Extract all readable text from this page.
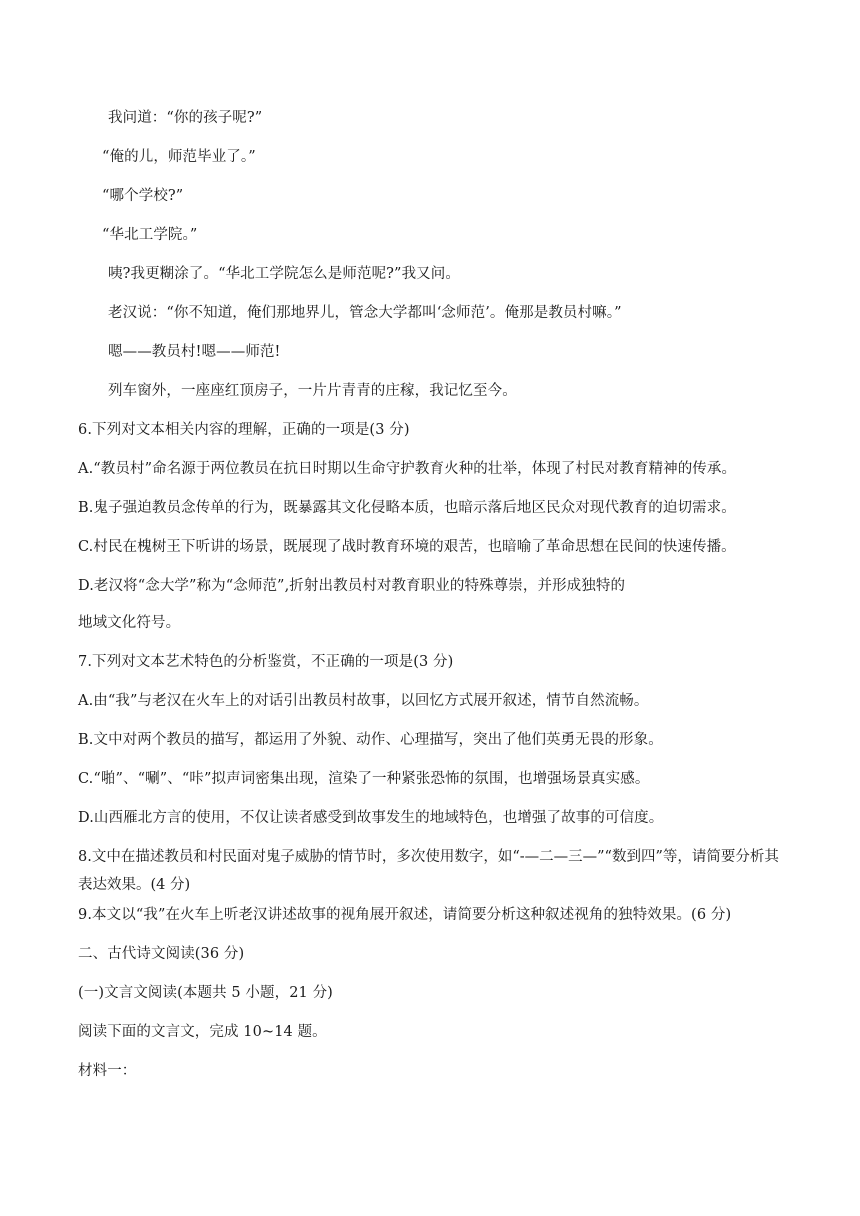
我问道：“你的孩子呢?”
“俺的儿，师范毕业了。”
“哪个学校?”
“华北工学院。”
咦?我更糊涂了。“华北工学院怎么是师范呢?”我又问。
老汉说：“你不知道，俺们那地界儿，管念大学都叫‘念师范’。俺那是教员村嘛。”
嗯——教员村!嗯——师范!
列车窗外，一座座红顶房子，一片片青青的庄稼，我记忆至今。
6.下列对文本相关内容的理解，正确的一项是(3 分)
A.“教员村”命名源于两位教员在抗日时期以生命守护教育火种的壮举，体现了村民对教育精神的传承。
B.鬼子强迫教员念传单的行为，既暴露其文化侵略本质，也暗示落后地区民众对现代教育的迫切需求。
C.村民在槐树王下听讲的场景，既展现了战时教育环境的艰苦，也暗喻了革命思想在民间的快速传播。
D.老汉将“念大学”称为“念师范”,折射出教员村对教育职业的特殊尊崇，并形成独特的
地域文化符号。
7.下列对文本艺术特色的分析鉴赏，不正确的一项是(3 分)
A.由“我”与老汉在火车上的对话引出教员村故事，以回忆方式展开叙述，情节自然流畅。
B.文中对两个教员的描写，都运用了外貌、动作、心理描写，突出了他们英勇无畏的形象。
C.“啪”、“唰”、“咔”拟声词密集出现，渲染了一种紧张恐怖的氛围，也增强场景真实感。
D.山西雁北方言的使用，不仅让读者感受到故事发生的地域特色，也增强了故事的可信度。
8.文中在描述教员和村民面对鬼子威胁的情节时，多次使用数字，如“-—二—三—”“数到四”等，请简要分析其表达效果。(4 分)
9.本文以“我”在火车上听老汉讲述故事的视角展开叙述，请简要分析这种叙述视角的独特效果。(6 分)
二、古代诗文阅读(36 分)
(一)文言文阅读(本题共 5 小题，21 分)
阅读下面的文言文，完成 10~14 题。
材料一：
